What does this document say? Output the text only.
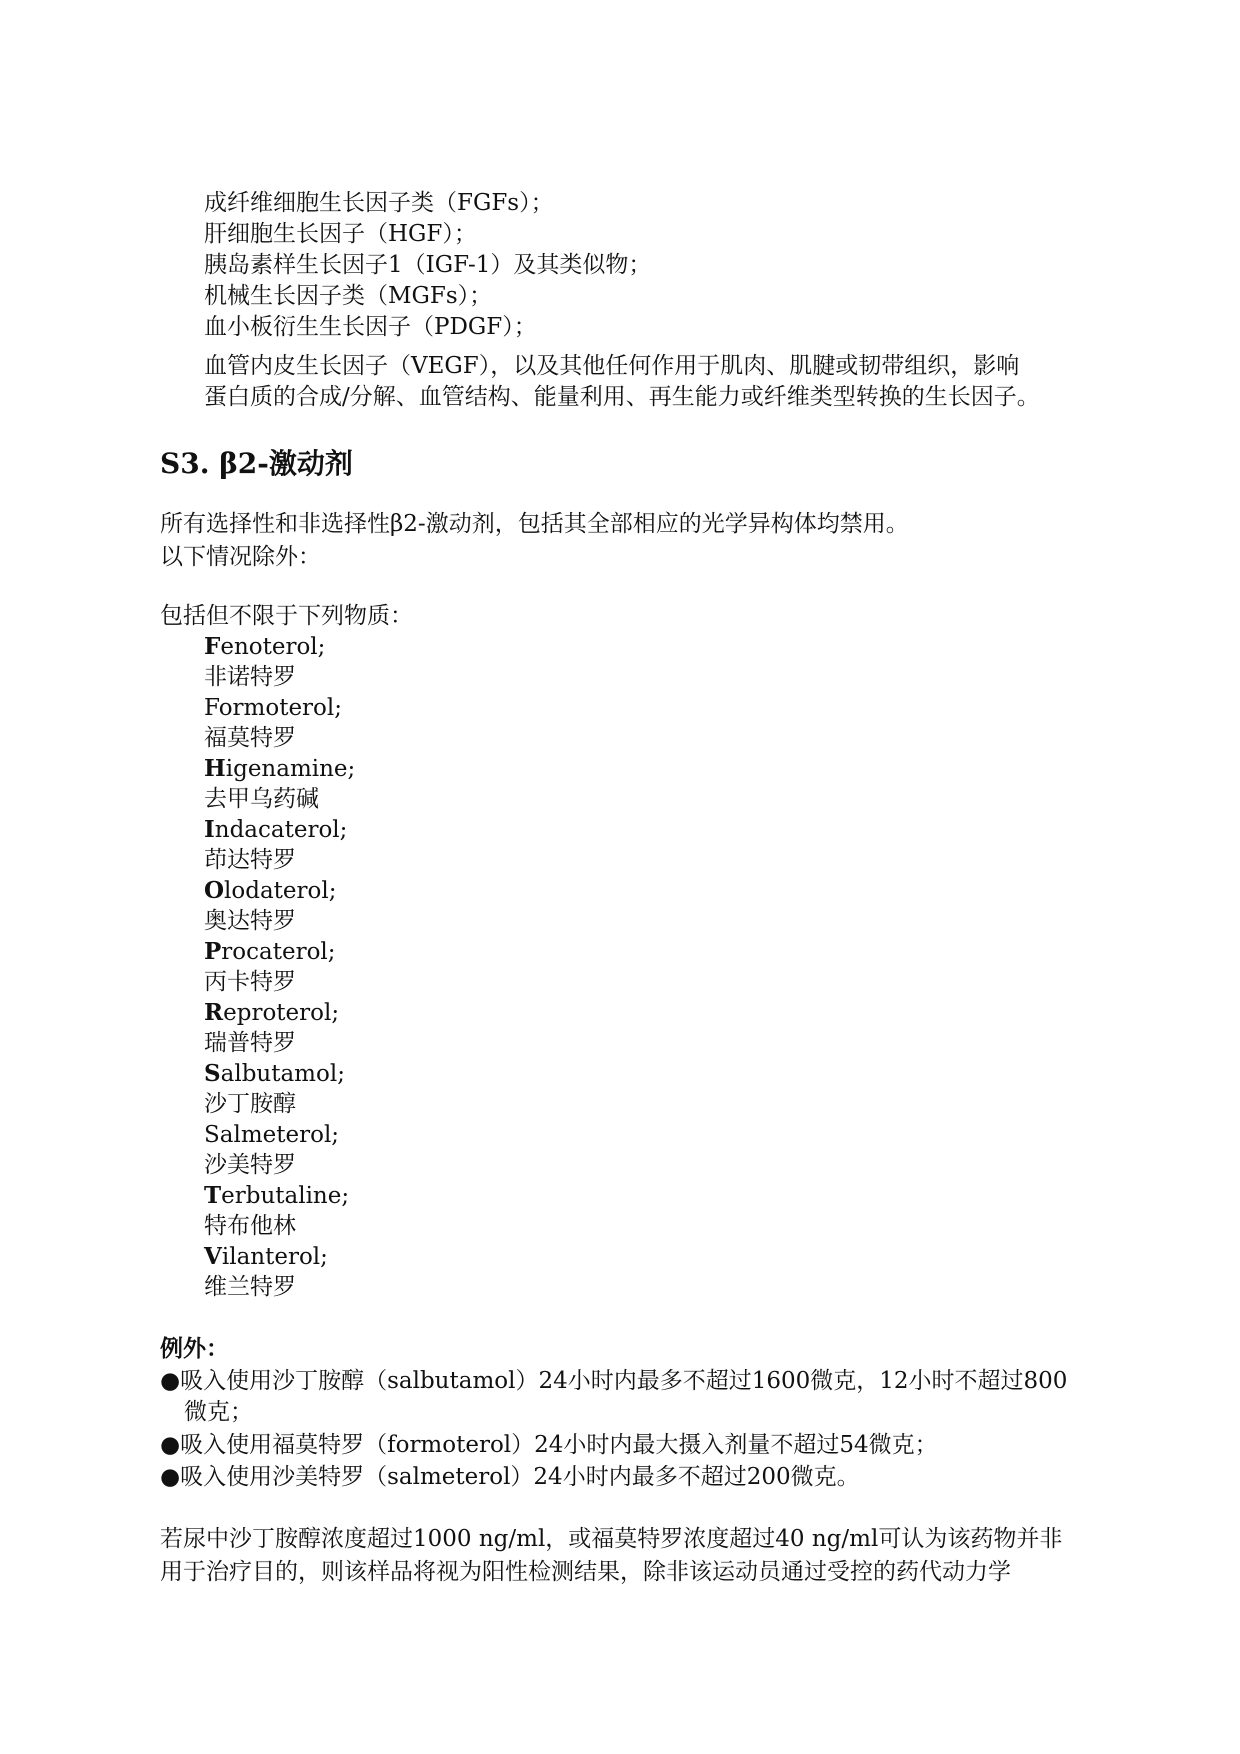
成纤维细胞生长因子类（FGFs）；
肝细胞生长因子（HGF）；
胰岛素样生长因子1（IGF-1）及其类似物；
机械生长因子类（MGFs）；
血小板衍生生长因子（PDGF）；
血管内皮生长因子（VEGF），以及其他任何作用于肌肉、肌腱或韧带组织，影响
蛋白质的合成/分解、血管结构、能量利用、再生能力或纤维类型转换的生长因子。
S3. β2-激动剂
所有选择性和非选择性β2-激动剂，包括其全部相应的光学异构体均禁用。
以下情况除外：
包括但不限于下列物质：
Fenoterol;
非诺特罗
Formoterol;
福莫特罗
Higenamine;
去甲乌药碱
Indacaterol;
茚达特罗
Olodaterol;
奥达特罗
Procaterol;
丙卡特罗
Reproterol;
瑞普特罗
Salbutamol;
沙丁胺醇
Salmeterol;
沙美特罗
Terbutaline;
特布他林
Vilanterol;
维兰特罗
例外：
●吸入使用沙丁胺醇（salbutamol）24小时内最多不超过1600微克，12小时不超过800
微克；
●吸入使用福莫特罗（formoterol）24小时内最大摄入剂量不超过54微克；
●吸入使用沙美特罗（salmeterol）24小时内最多不超过200微克。
若尿中沙丁胺醇浓度超过1000 ng/ml，或福莫特罗浓度超过40 ng/ml可认为该药物并非
用于治疗目的，则该样品将视为阳性检测结果，除非该运动员通过受控的药代动力学
